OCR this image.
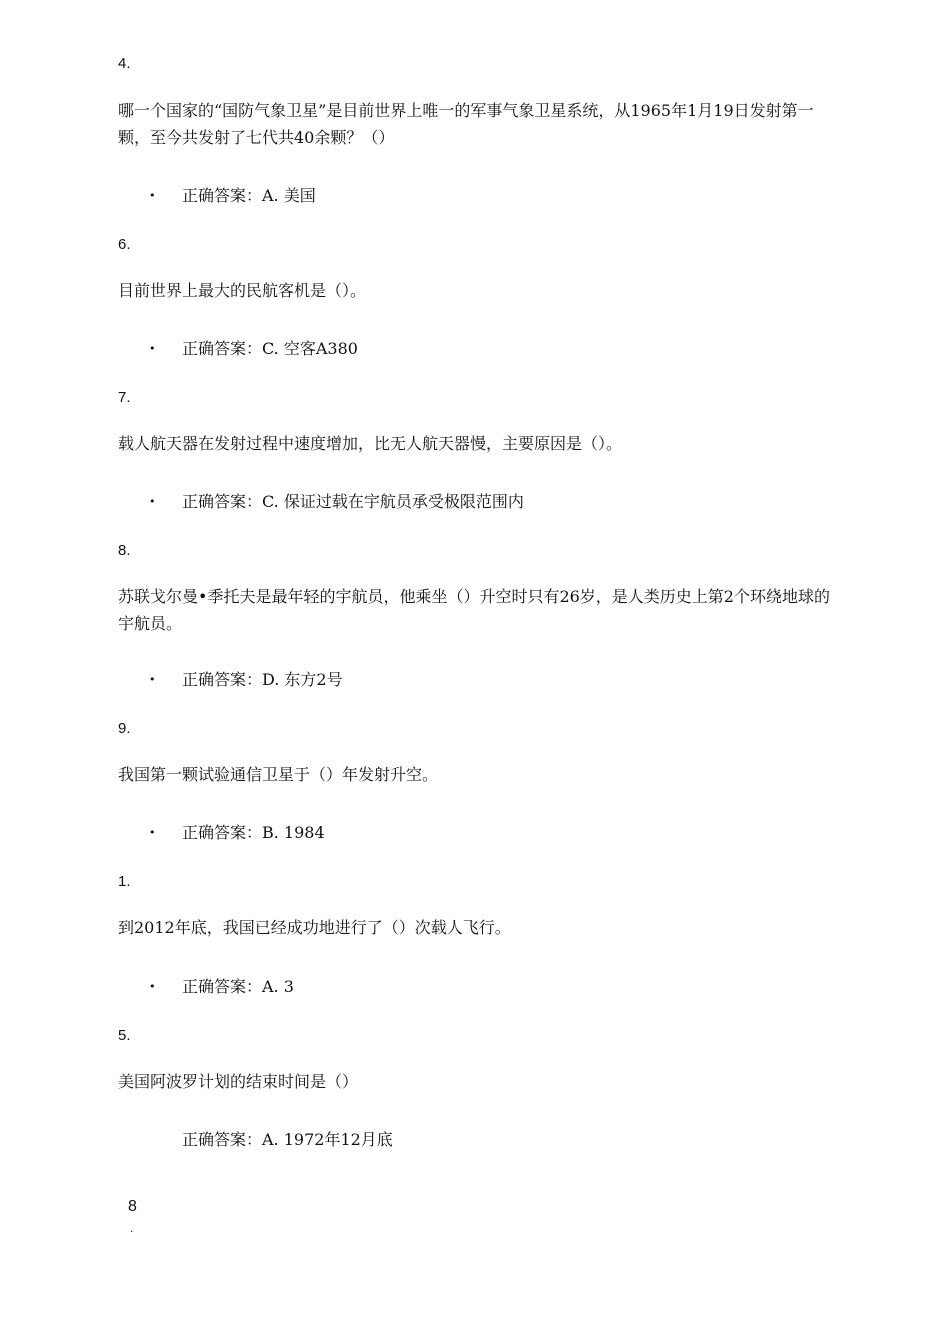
4.
哪一个国家的“国防气象卫星”是目前世界上唯一的军事气象卫星系统，从1965年1月19日发射第一颗，至今共发射了七代共40余颗？（）
• 正确答案：A. 美国
6.
目前世界上最大的民航客机是（）。
• 正确答案：C. 空客A380
7.
载人航天器在发射过程中速度增加，比无人航天器慢，主要原因是（）。
• 正确答案：C. 保证过载在宇航员承受极限范围内
8.
苏联戈尔曼•季托夫是最年轻的宇航员，他乘坐（）升空时只有26岁，是人类历史上第2个环绕地球的宇航员。
• 正确答案：D. 东方2号
9.
我国第一颗试验通信卫星于（）年发射升空。
• 正确答案：B. 1984
1.
到2012年底，我国已经成功地进行了（）次载人飞行。
• 正确答案：A. 3
5.
美国阿波罗计划的结束时间是（）
正确答案：A. 1972年12月底
8
.
